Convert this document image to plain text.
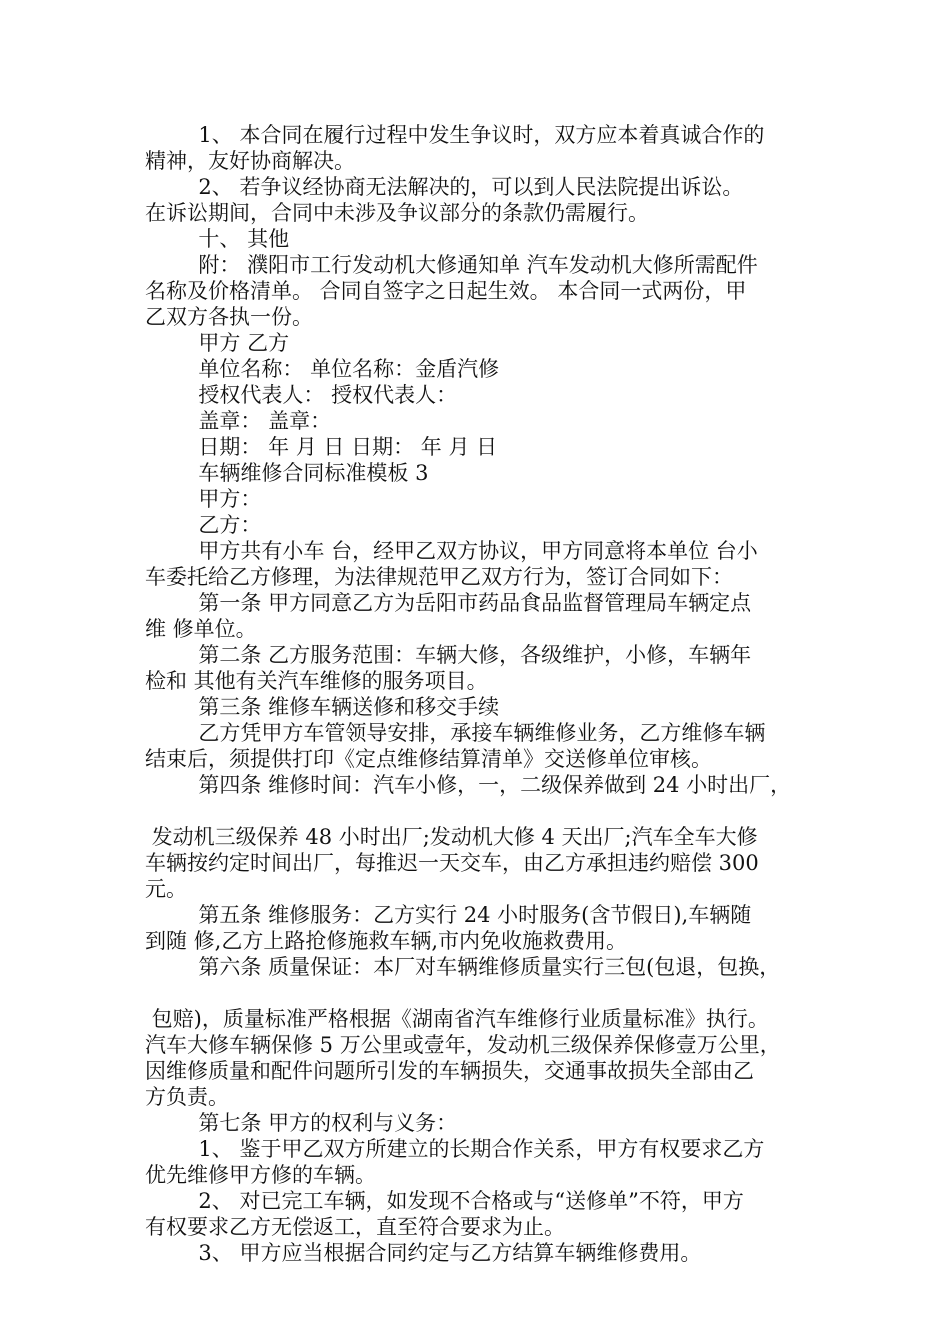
1、 本合同在履行过程中发生争议时，双方应本着真诚合作的

精神，友好协商解决。

2、 若争议经协商无法解决的，可以到人民法院提出诉讼。

在诉讼期间，合同中未涉及争议部分的条款仍需履行。

十、 其他

附： 濮阳市工行发动机大修通知单 汽车发动机大修所需配件

名称及价格清单。 合同自签字之日起生效。 本合同一式两份，甲

乙双方各执一份。

甲方 乙方

单位名称： 单位名称：金盾汽修

授权代表人： 授权代表人：

盖章： 盖章：

日期： 年 月 日 日期： 年 月 日

车辆维修合同标准模板 3

甲方：

乙方：

甲方共有小车 台，经甲乙双方协议，甲方同意将本单位 台小

车委托给乙方修理，为法律规范甲乙双方行为，签订合同如下：

第一条 甲方同意乙方为岳阳市药品食品监督管理局车辆定点

维 修单位。

第二条 乙方服务范围：车辆大修，各级维护，小修，车辆年

检和 其他有关汽车维修的服务项目。

第三条 维修车辆送修和移交手续

乙方凭甲方车管领导安排，承接车辆维修业务，乙方维修车辆

结束后，须提供打印《定点维修结算清单》交送修单位审核。

第四条 维修时间：汽车小修，一，二级保养做到 24 小时出厂，

发动机三级保养 48 小时出厂;发动机大修 4 天出厂;汽车全车大修

车辆按约定时间出厂，每推迟一天交车，由乙方承担违约赔偿 300

元。

第五条 维修服务：乙方实行 24 小时服务(含节假日),车辆随

到随 修,乙方上路抢修施救车辆,市内免收施救费用。

第六条 质量保证：本厂对车辆维修质量实行三包(包退，包换，

包赔)，质量标准严格根据《湖南省汽车维修行业质量标准》执行。

汽车大修车辆保修 5 万公里或壹年，发动机三级保养保修壹万公里，

因维修质量和配件问题所引发的车辆损失，交通事故损失全部由乙

方负责。

第七条 甲方的权利与义务：

1、 鉴于甲乙双方所建立的长期合作关系，甲方有权要求乙方

优先维修甲方修的车辆。

2、 对已完工车辆，如发现不合格或与“送修单”不符，甲方

有权要求乙方无偿返工，直至符合要求为止。

3、 甲方应当根据合同约定与乙方结算车辆维修费用。
